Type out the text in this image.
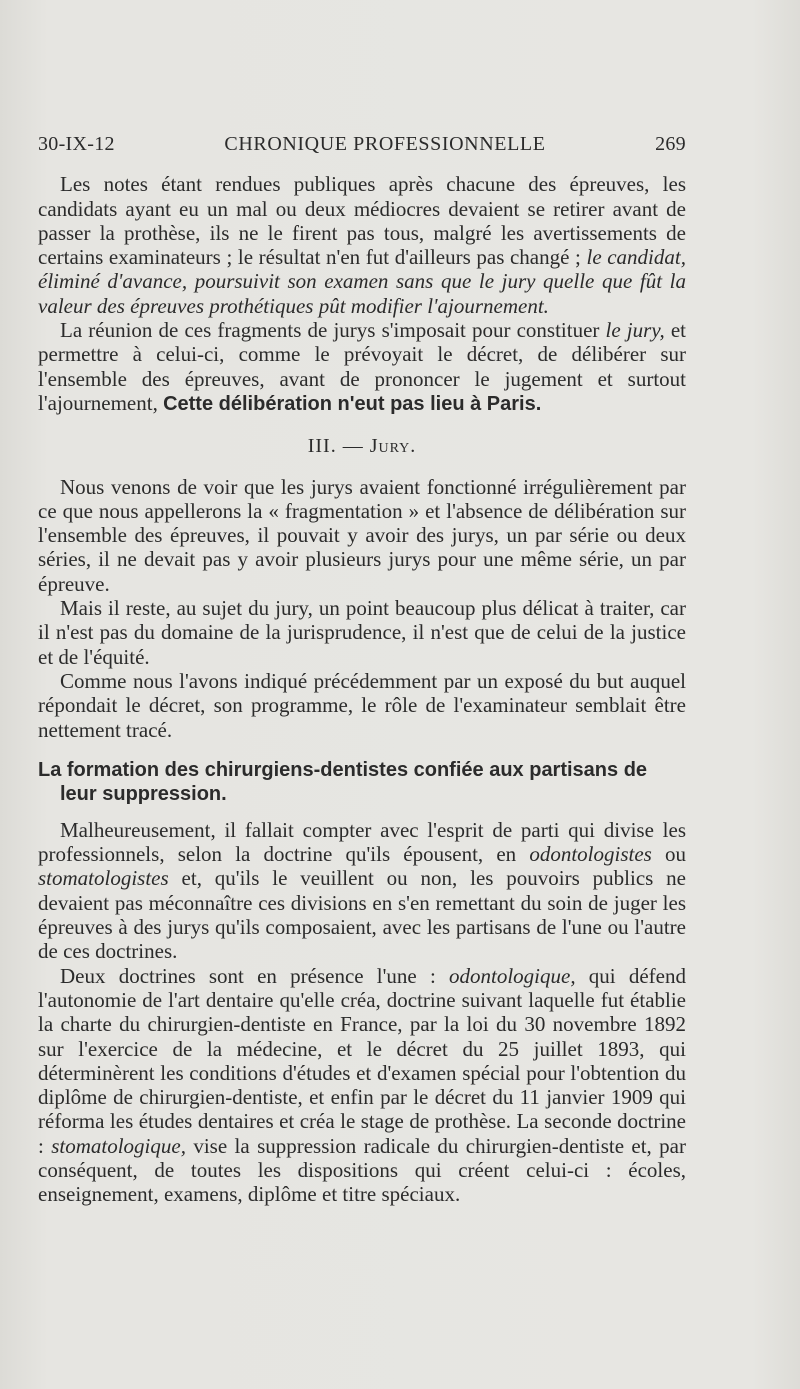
30-IX-12	CHRONIQUE PROFESSIONNELLE	269

Les notes étant rendues publiques après chacune des épreuves, les candidats ayant eu un mal ou deux médiocres devaient se retirer avant de passer la prothèse, ils ne le firent pas tous, malgré les avertissements de certains examinateurs ; le résultat n'en fut d'ailleurs pas changé ; le candidat, éliminé d'avance, poursuivit son examen sans que le jury quelle que fût la valeur des épreuves prothétiques pût modifier l'ajournement.

La réunion de ces fragments de jurys s'imposait pour constituer le jury, et permettre à celui-ci, comme le prévoyait le décret, de délibérer sur l'ensemble des épreuves, avant de prononcer le jugement et surtout l'ajournement, Cette délibération n'eut pas lieu à Paris.

III. — Jury.

Nous venons de voir que les jurys avaient fonctionné irrégulièrement par ce que nous appellerons la « fragmentation » et l'absence de délibération sur l'ensemble des épreuves, il pouvait y avoir des jurys, un par série ou deux séries, il ne devait pas y avoir plusieurs jurys pour une même série, un par épreuve.

Mais il reste, au sujet du jury, un point beaucoup plus délicat à traiter, car il n'est pas du domaine de la jurisprudence, il n'est que de celui de la justice et de l'équité.

Comme nous l'avons indiqué précédemment par un exposé du but auquel répondait le décret, son programme, le rôle de l'examinateur semblait être nettement tracé.

La formation des chirurgiens-dentistes confiée aux partisans de leur suppression.

Malheureusement, il fallait compter avec l'esprit de parti qui divise les professionnels, selon la doctrine qu'ils épousent, en odontologistes ou stomatologistes et, qu'ils le veuillent ou non, les pouvoirs publics ne devaient pas méconnaître ces divisions en s'en remettant du soin de juger les épreuves à des jurys qu'ils composaient, avec les partisans de l'une ou l'autre de ces doctrines.

Deux doctrines sont en présence l'une : odontologique, qui défend l'autonomie de l'art dentaire qu'elle créa, doctrine suivant laquelle fut établie la charte du chirurgien-dentiste en France, par la loi du 30 novembre 1892 sur l'exercice de la médecine, et le décret du 25 juillet 1893, qui déterminèrent les conditions d'études et d'examen spécial pour l'obtention du diplôme de chirurgien-dentiste, et enfin par le décret du 11 janvier 1909 qui réforma les études dentaires et créa le stage de prothèse. La seconde doctrine : stomatologique, vise la suppression radicale du chirurgien-dentiste et, par conséquent, de toutes les dispositions qui créent celui-ci : écoles, enseignement, examens, diplôme et titre spéciaux.
